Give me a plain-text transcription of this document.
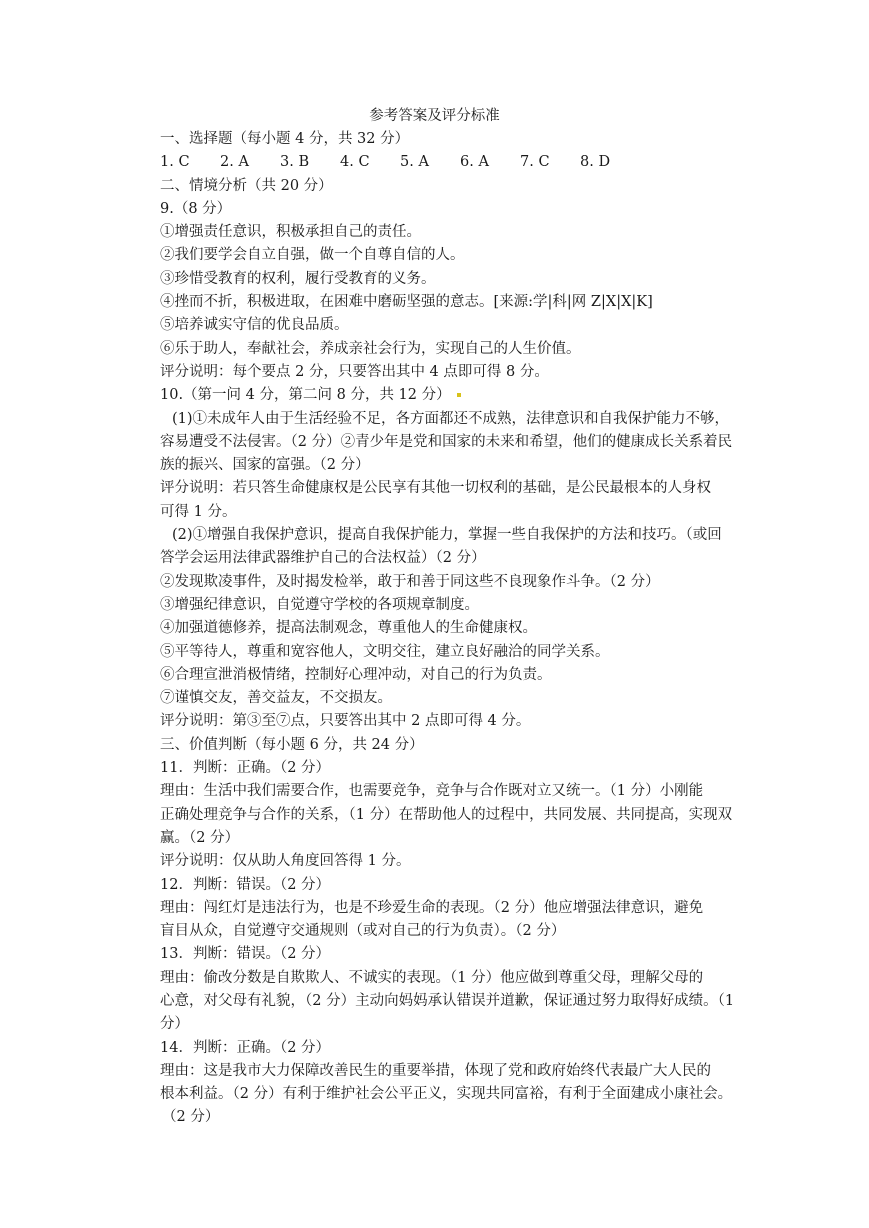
参考答案及评分标准

一、选择题（每小题 4 分，共 32 分）

1. C	2. A	3. B	4. C	5. A	6. A	7. C	8. D

二、情境分析（共 20 分）

9.（8 分）

①增强责任意识，积极承担自己的责任。

②我们要学会自立自强，做一个自尊自信的人。

③珍惜受教育的权利，履行受教育的义务。

④挫而不折，积极进取，在困难中磨砺坚强的意志。[来源:学|科|网 Z|X|X|K]

⑤培养诚实守信的优良品质。

⑥乐于助人，奉献社会，养成亲社会行为，实现自己的人生价值。

评分说明：每个要点 2 分，只要答出其中 4 点即可得 8 分。

10.（第一问 4 分，第二问 8 分，共 12 分）

(1)①未成年人由于生活经验不足，各方面都还不成熟，法律意识和自我保护能力不够，

容易遭受不法侵害。（2 分）②青少年是党和国家的未来和希望，他们的健康成长关系着民

族的振兴、国家的富强。（2 分）

评分说明：若只答生命健康权是公民享有其他一切权利的基础，是公民最根本的人身权

可得 1 分。

(2)①增强自我保护意识，提高自我保护能力，掌握一些自我保护的方法和技巧。（或回

答学会运用法律武器维护自己的合法权益）（2 分）

②发现欺凌事件，及时揭发检举，敢于和善于同这些不良现象作斗争。（2 分）

③增强纪律意识，自觉遵守学校的各项规章制度。

④加强道德修养，提高法制观念，尊重他人的生命健康权。

⑤平等待人，尊重和宽容他人，文明交往，建立良好融洽的同学关系。

⑥合理宣泄消极情绪，控制好心理冲动，对自己的行为负责。

⑦谨慎交友，善交益友，不交损友。

评分说明：第③至⑦点，只要答出其中 2 点即可得 4 分。

三、价值判断（每小题 6 分，共 24 分）

11．判断：正确。（2 分）

理由：生活中我们需要合作，也需要竞争，竞争与合作既对立又统一。（1 分）小刚能

正确处理竞争与合作的关系，（1 分）在帮助他人的过程中，共同发展、共同提高，实现双

赢。（2 分）

评分说明：仅从助人角度回答得 1 分。

12．判断：错误。（2 分）

理由：闯红灯是违法行为，也是不珍爱生命的表现。（2 分）他应增强法律意识，避免

盲目从众，自觉遵守交通规则（或对自己的行为负责）。（2 分）

13．判断：错误。（2 分）

理由：偷改分数是自欺欺人、不诚实的表现。（1 分）他应做到尊重父母，理解父母的

心意，对父母有礼貌，（2 分）主动向妈妈承认错误并道歉，保证通过努力取得好成绩。（1

分）

14．判断：正确。（2 分）

理由：这是我市大力保障改善民生的重要举措，体现了党和政府始终代表最广大人民的

根本利益。（2 分）有利于维护社会公平正义，实现共同富裕，有利于全面建成小康社会。

（2 分）
